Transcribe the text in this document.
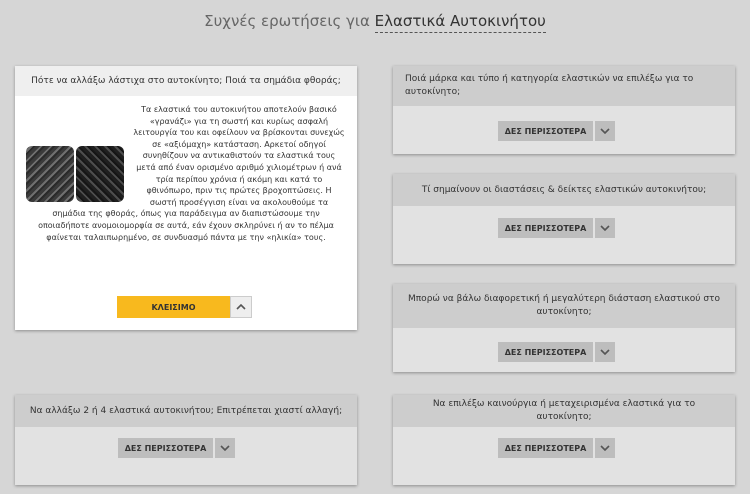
Συχνές ερωτήσεις για Ελαστικά Αυτοκινήτου
Πότε να αλλάξω λάστιχα στο αυτοκίνητο; Ποιά τα σημάδια φθοράς;

Τα ελαστικά του αυτοκινήτου αποτελούν βασικό «γρανάζι» για τη σωστή και κυρίως ασφαλή λειτουργία του και οφείλουν να βρίσκονται συνεχώς σε «αξιόμαχη» κατάσταση. Αρκετοί οδηγοί συνηθίζουν να αντικαθιστούν τα ελαστικά τους μετά από έναν ορισμένο αριθμό χιλιομέτρων ή ανά τρία περίπου χρόνια ή ακόμη και κατά το φθινόπωρο, πριν τις πρώτες βροχοπτώσεις. Η σωστή προσέγγιση είναι να ακολουθούμε τα σημάδια της φθοράς, όπως για παράδειγμα αν διαπιστώσουμε την οποιαδήποτε ανομοιομορφία σε αυτά, εάν έχουν σκληρύνει ή αν το πέλμα φαίνεται ταλαιπωρημένο, σε συνδυασμό πάντα με την «ηλικία» τους.

ΚΛΕΙΣΙΜΟ
Ποιά μάρκα και τύπο ή κατηγορία ελαστικών να επιλέξω για το αυτοκίνητο;
ΔΕΣ ΠΕΡΙΣΣΟΤΕΡΑ
Τί σημαίνουν οι διαστάσεις & δείκτες ελαστικών αυτοκινήτου;
ΔΕΣ ΠΕΡΙΣΣΟΤΕΡΑ
Μπορώ να βάλω διαφορετική ή μεγαλύτερη διάσταση ελαστικού στο αυτοκίνητο;
ΔΕΣ ΠΕΡΙΣΣΟΤΕΡΑ
Να αλλάξω 2 ή 4 ελαστικά αυτοκινήτου; Επιτρέπεται χιαστί αλλαγή;
ΔΕΣ ΠΕΡΙΣΣΟΤΕΡΑ
Να επιλέξω καινούργια ή μεταχειρισμένα ελαστικά για το αυτοκίνητο;
ΔΕΣ ΠΕΡΙΣΣΟΤΕΡΑ
